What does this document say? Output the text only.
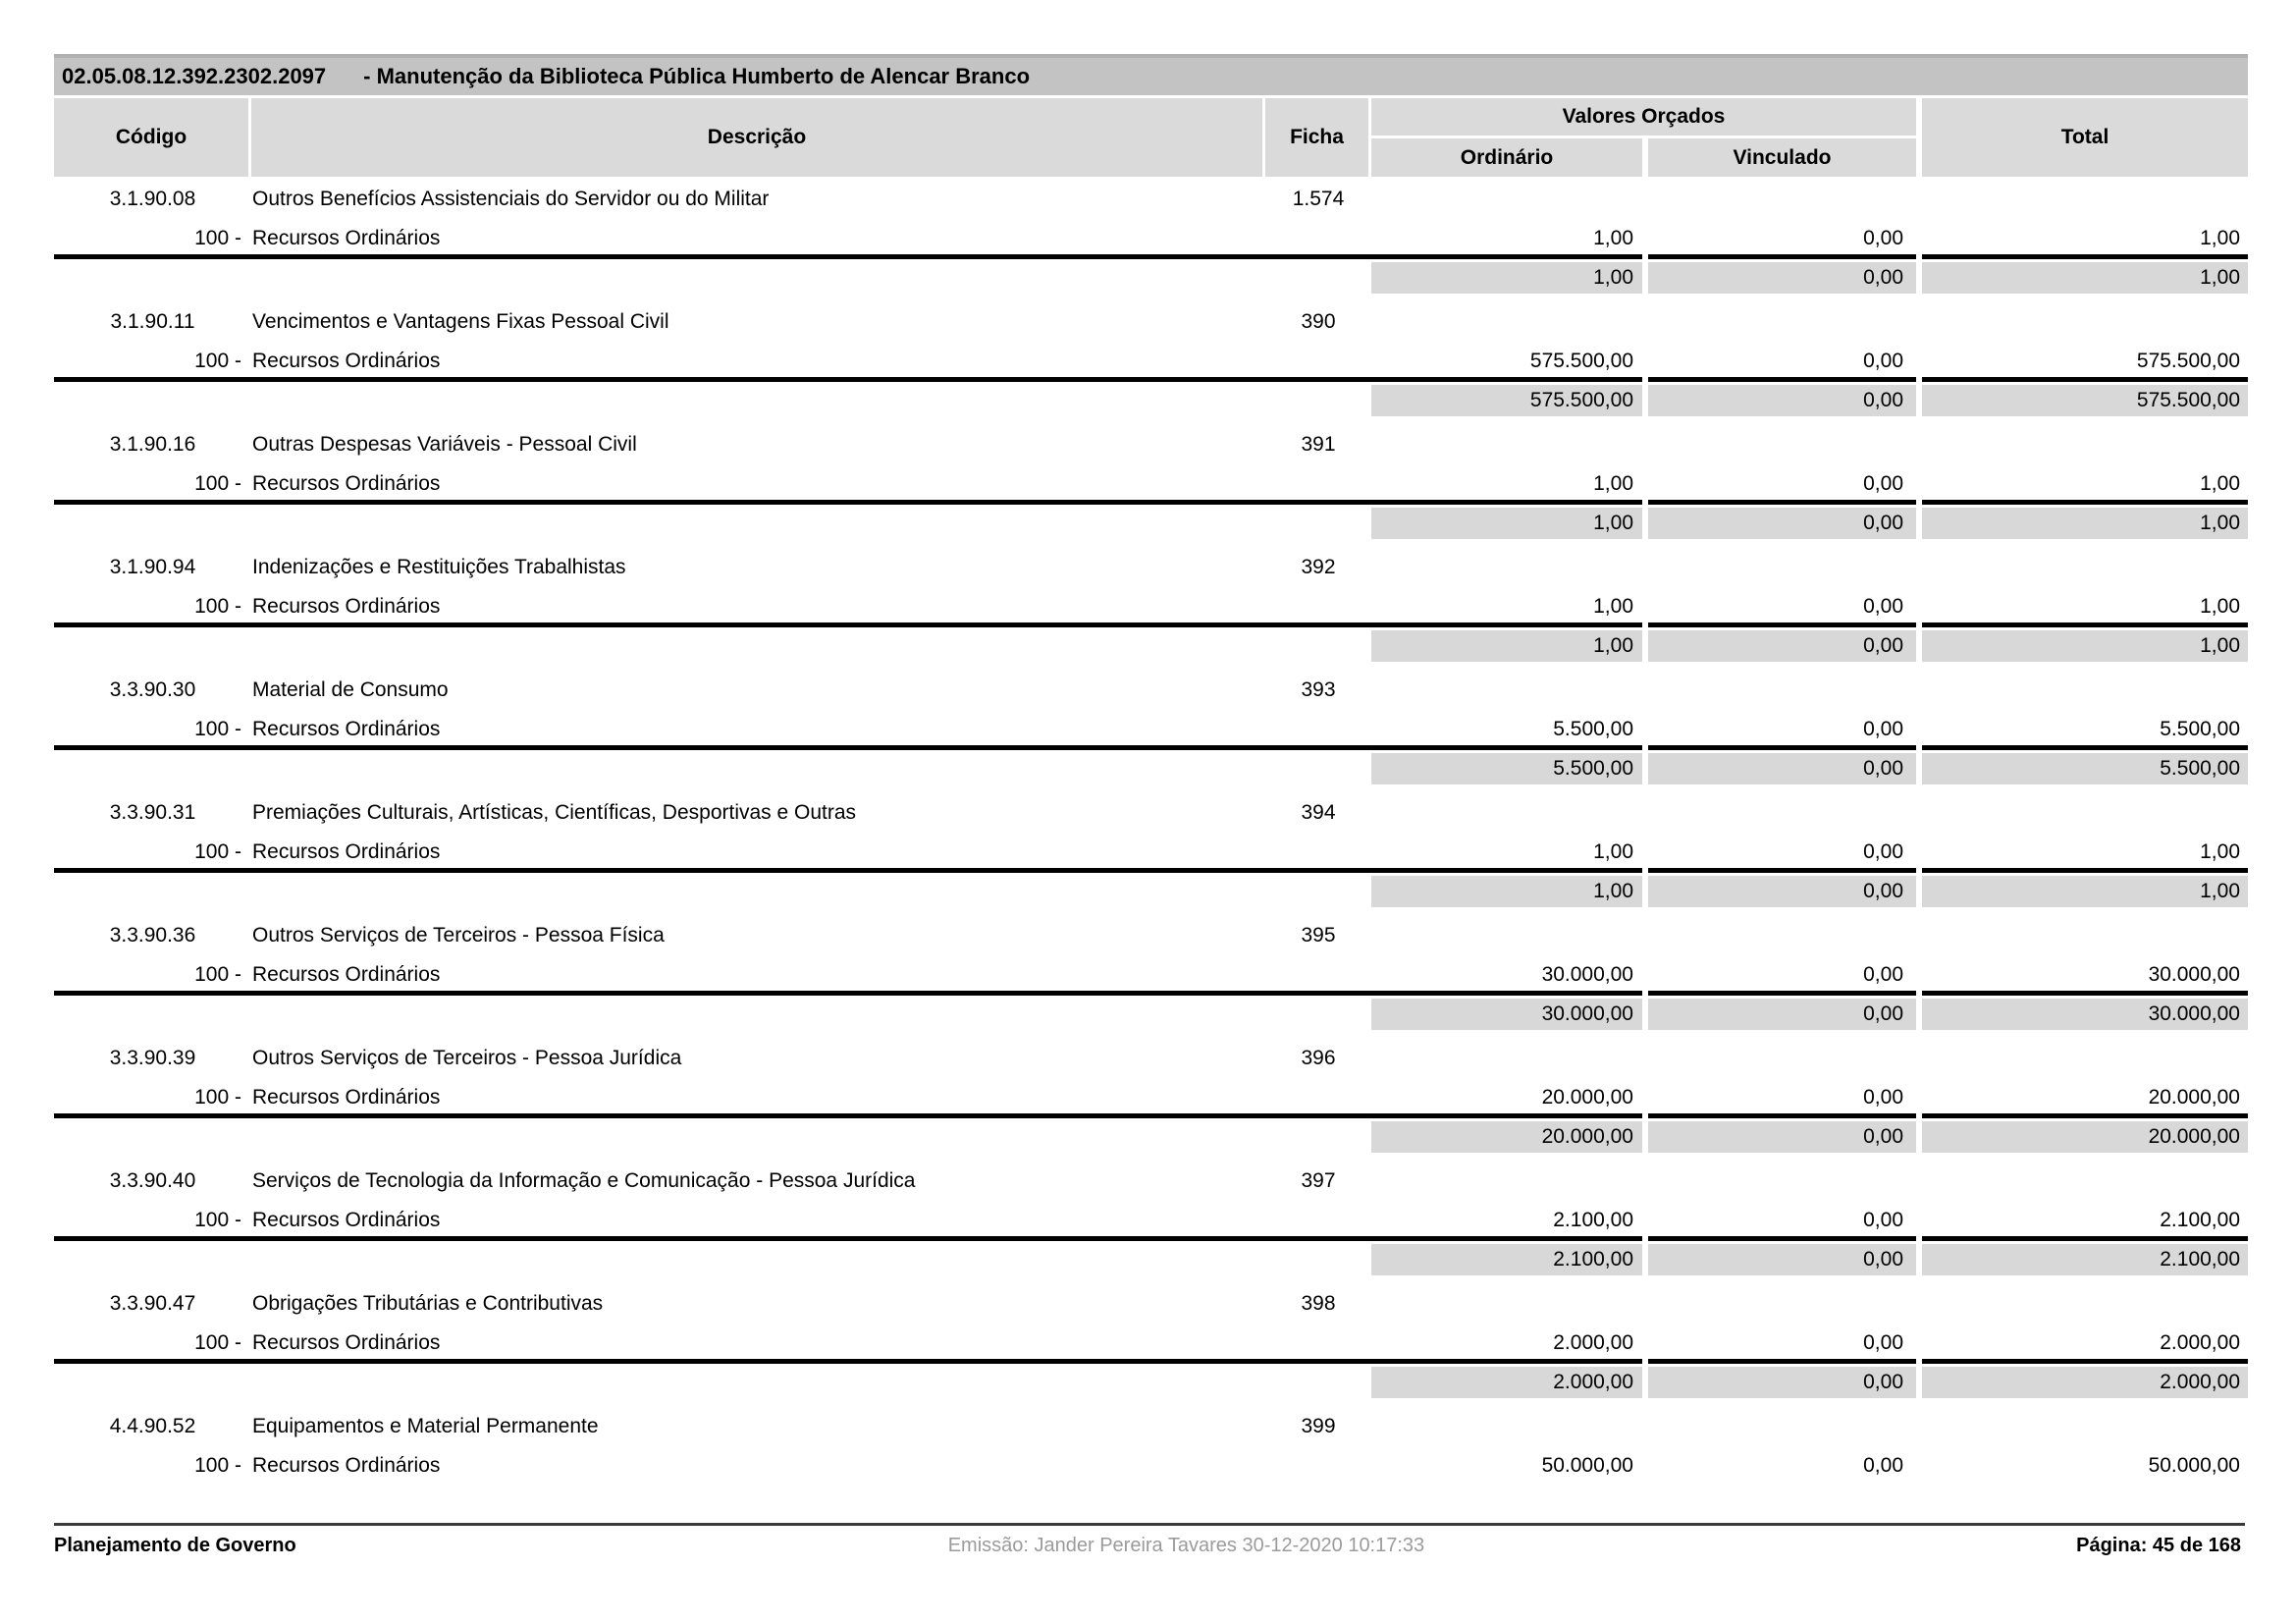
02.05.08.12.392.2302.2097 - Manutenção da Biblioteca Pública Humberto de Alencar Branco
Código	Descrição	Ficha
Valores Orçados
Ordinário	Vinculado
Total
3.1.90.08	Outros Benefícios Assistenciais do Servidor ou do Militar	1.574
100 - Recursos Ordinários	1,00	0,00	1,00
1,00	0,00	1,00
3.1.90.11	Vencimentos e Vantagens Fixas Pessoal Civil	390
100 - Recursos Ordinários	575.500,00	0,00	575.500,00
575.500,00	0,00	575.500,00
3.1.90.16	Outras Despesas Variáveis - Pessoal Civil	391
100 - Recursos Ordinários	1,00	0,00	1,00
1,00	0,00	1,00
3.1.90.94	Indenizações e Restituições Trabalhistas	392
100 - Recursos Ordinários	1,00	0,00	1,00
1,00	0,00	1,00
3.3.90.30	Material de Consumo	393
100 - Recursos Ordinários	5.500,00	0,00	5.500,00
5.500,00	0,00	5.500,00
3.3.90.31	Premiações Culturais, Artísticas, Científicas, Desportivas e Outras	394
100 - Recursos Ordinários	1,00	0,00	1,00
1,00	0,00	1,00
3.3.90.36	Outros Serviços de Terceiros - Pessoa Física	395
100 - Recursos Ordinários	30.000,00	0,00	30.000,00
30.000,00	0,00	30.000,00
3.3.90.39	Outros Serviços de Terceiros - Pessoa Jurídica	396
100 - Recursos Ordinários	20.000,00	0,00	20.000,00
20.000,00	0,00	20.000,00
3.3.90.40	Serviços de Tecnologia da Informação e Comunicação - Pessoa Jurídica	397
100 - Recursos Ordinários	2.100,00	0,00	2.100,00
2.100,00	0,00	2.100,00
3.3.90.47	Obrigações Tributárias e Contributivas	398
100 - Recursos Ordinários	2.000,00	0,00	2.000,00
2.000,00	0,00	2.000,00
4.4.90.52	Equipamentos e Material Permanente	399
100 - Recursos Ordinários	50.000,00	0,00	50.000,00
Planejamento de Governo	Emissão: Jander Pereira Tavares 30-12-2020 10:17:33	Página: 45 de 168
